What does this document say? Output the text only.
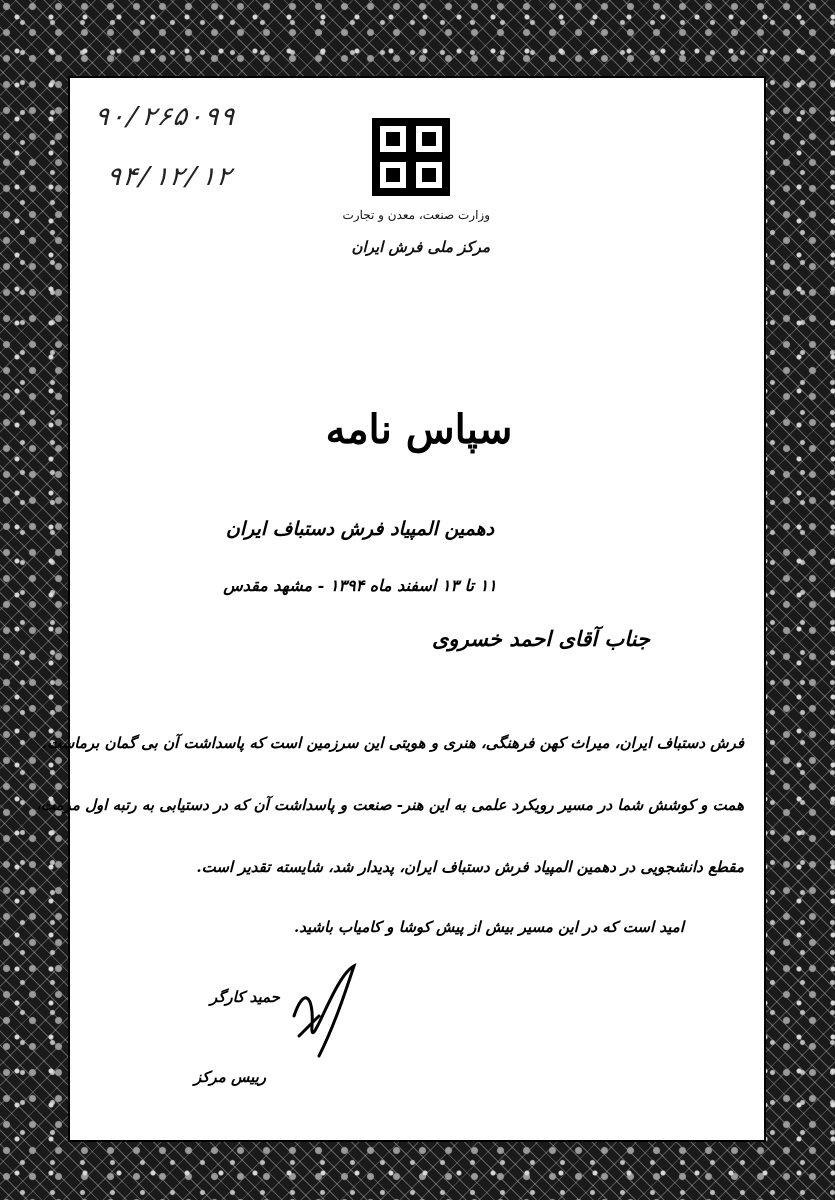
۹۰/۲۶۵۰۹۹
۹۴/۱۲/۱۲
وزارت صنعت، معدن و تجارت
مرکز ملی فرش ایران
سپاس نامه
دهمین المپیاد فرش دستباف ایران
۱۱ تا ۱۳ اسفند ماه ۱۳۹۴ - مشهد مقدس
جناب آقای احمد خسروی
فرش دستباف ایران، میراث کهن فرهنگی، هنری و هویتی این سرزمین است که پاسداشت آن بی گمان برماست.
همت و کوشش شما در مسیر رویکرد علمی به این هنر- صنعت و پاسداشت آن که در دستیابی به رتبه اول مرمت،
مقطع دانشجویی در دهمین المپیاد فرش دستباف ایران، پدیدار شد، شایسته تقدیر است.
امید است که در این مسیر بیش از پیش کوشا و کامیاب باشید.
حمید کارگر
رییس مرکز
